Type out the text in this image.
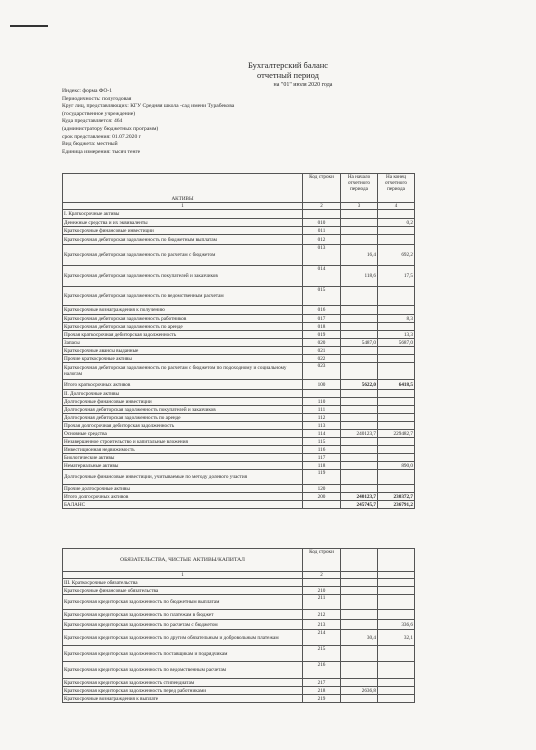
Бухгалтерский баланс
отчетный период
на "01" июля 2020 года
Индекс: форма ФО-1
Периодичность: полугодовая
Круг лиц, представляющих: КГУ Средняя школа -сад имени Турабекова
(государственное учреждение)
Куда представляется: 464
(администратору бюджетных программ)
срок представления: 01.07.2020 г
Вид бюджета: местный
Единица измерения: тысяч тенге
АКТИВЫ	Код строки	На начало отчетного периода	На конец отчетного периода
1	2	3	4
I. Краткосрочные активы			
Денежные средства и их эквиваленты	010		0,2
Краткосрочные финансовые инвестиции	011		
Краткосрочная дебиторская задолженность по бюджетным выплатам	012		
Краткосрочная дебиторская задолженность по расчетам с бюджетом	013	16,4	692,2
Краткосрочная дебиторская задолженность покупателей и заказчиков	014	118,6	17,5
Краткосрочная дебиторская задолженность по ведомственным расчетам	015		
Краткосрочные вознаграждения к получению	016		
Краткосрочная дебиторская задолженность работников	017		8,3
Краткосрочная дебиторская задолженность по аренде	018		
Прочая краткосрочная дебиторская задолженность	019		13,3
Запасы	020	5487,0	5687,0
Краткосрочные авансы выданные	021		
Прочие краткосрочные активы	022		
Краткосрочная дебиторская задолженность по расчетам с бюджетом по подоходному и социальному налогам	023		
Итого краткосрочных активов	100	5622,0	6418,5
II. Долгосрочные активы			
Долгосрочные финансовые инвестиции	110		
Долгосрочная дебиторская задолженность покупателей и заказчиков	111		
Долгосрочная дебиторская задолженность по аренде	112		
Прочая долгосрочная дебиторская задолженность	113		
Основные средства	114	240123,7	229482,7
Незавершенное строительство и капитальные вложения	115		
Инвестиционная недвижимость	116		
Биологические активы	117		
Нематериальные активы	118		890,0
Долгосрочные финансовые инвестиции, учитываемые по методу долевого участия	119		
Прочие долгосрочные активы	120		
Итого долгосрочных активов	200	240123,7	230372,7
БАЛАНС		245745,7	236791,2
ОБЯЗАТЕЛЬСТВА, ЧИСТЫЕ АКТИВЫ/КАПИТАЛ	Код строки		
1	2		
III. Краткосрочные обязательства			
Краткосрочные финансовые обязательства	210		
Краткосрочная кредиторская задолженность по бюджетным выплатам	211		
Краткосрочная кредиторская задолженность по платежам в бюджет	212		
Краткосрочная кредиторская задолженность по расчетам с бюджетом	213		336,6
Краткосрочная кредиторская задолженность по другим обязательным и добровольным платежам	214	30,4	32,1
Краткосрочная кредиторская задолженность поставщикам и подрядчикам	215		
Краткосрочная кредиторская задолженность по ведомственным расчетам	216		
Краткосрочная кредиторская задолженность стипендиатам	217		
Краткосрочная кредиторская задолженность перед работниками	218	2636,8	
Краткосрочные вознаграждения к выплате	219		
